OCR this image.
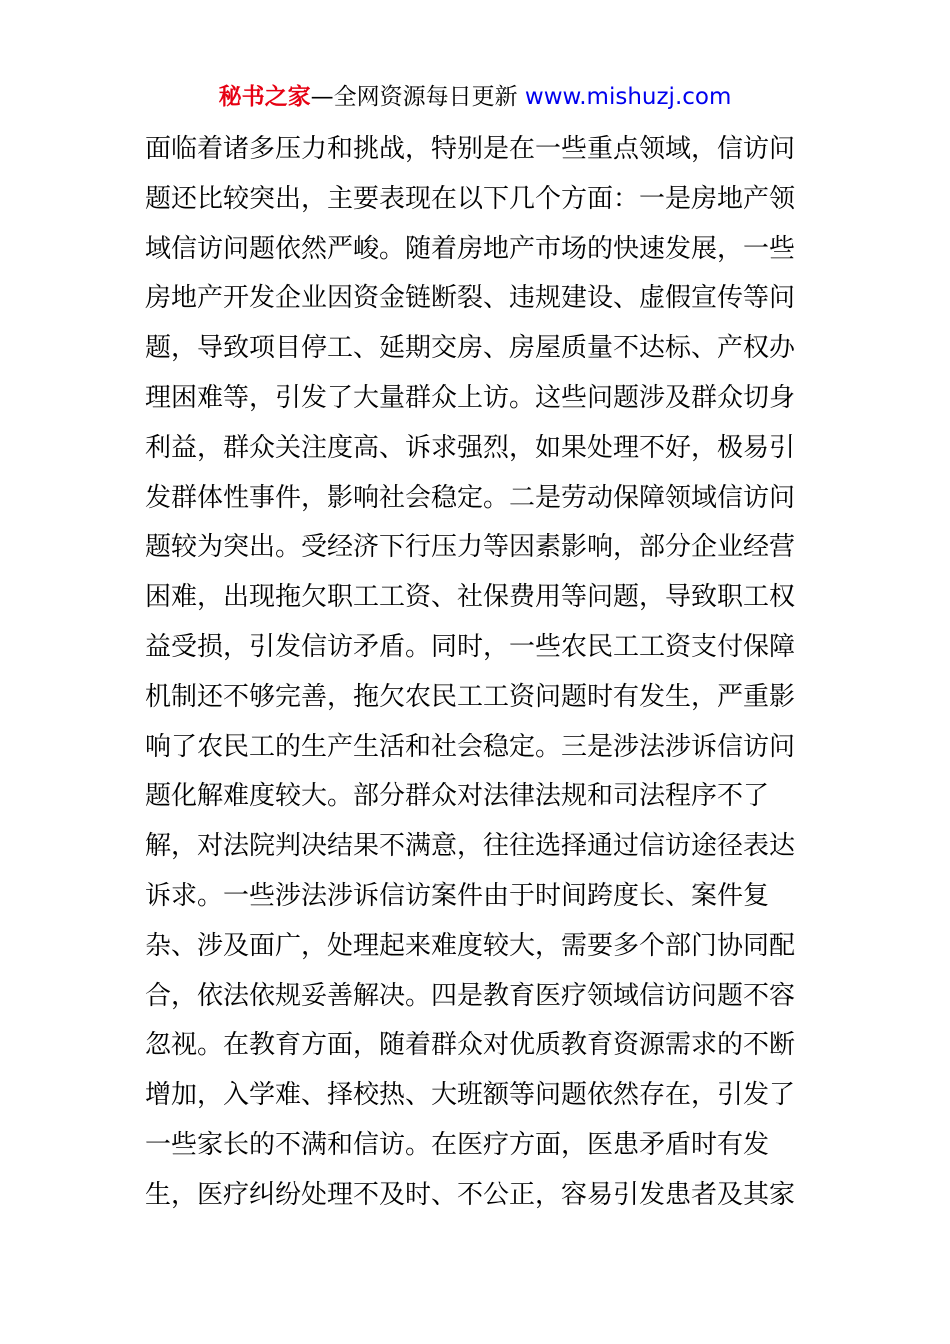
秘书之家—全网资源每日更新 www.mishuzj.com
面临着诸多压力和挑战，特别是在一些重点领域，信访问
题还比较突出，主要表现在以下几个方面：一是房地产领
域信访问题依然严峻。随着房地产市场的快速发展，一些
房地产开发企业因资金链断裂、违规建设、虚假宣传等问
题，导致项目停工、延期交房、房屋质量不达标、产权办
理困难等，引发了大量群众上访。这些问题涉及群众切身
利益，群众关注度高、诉求强烈，如果处理不好，极易引
发群体性事件，影响社会稳定。二是劳动保障领域信访问
题较为突出。受经济下行压力等因素影响，部分企业经营
困难，出现拖欠职工工资、社保费用等问题，导致职工权
益受损，引发信访矛盾。同时，一些农民工工资支付保障
机制还不够完善，拖欠农民工工资问题时有发生，严重影
响了农民工的生产生活和社会稳定。三是涉法涉诉信访问
题化解难度较大。部分群众对法律法规和司法程序不了
解，对法院判决结果不满意，往往选择通过信访途径表达
诉求。一些涉法涉诉信访案件由于时间跨度长、案件复
杂、涉及面广，处理起来难度较大，需要多个部门协同配
合，依法依规妥善解决。四是教育医疗领域信访问题不容
忽视。在教育方面，随着群众对优质教育资源需求的不断
增加，入学难、择校热、大班额等问题依然存在，引发了
一些家长的不满和信访。在医疗方面，医患矛盾时有发
生，医疗纠纷处理不及时、不公正，容易引发患者及其家
